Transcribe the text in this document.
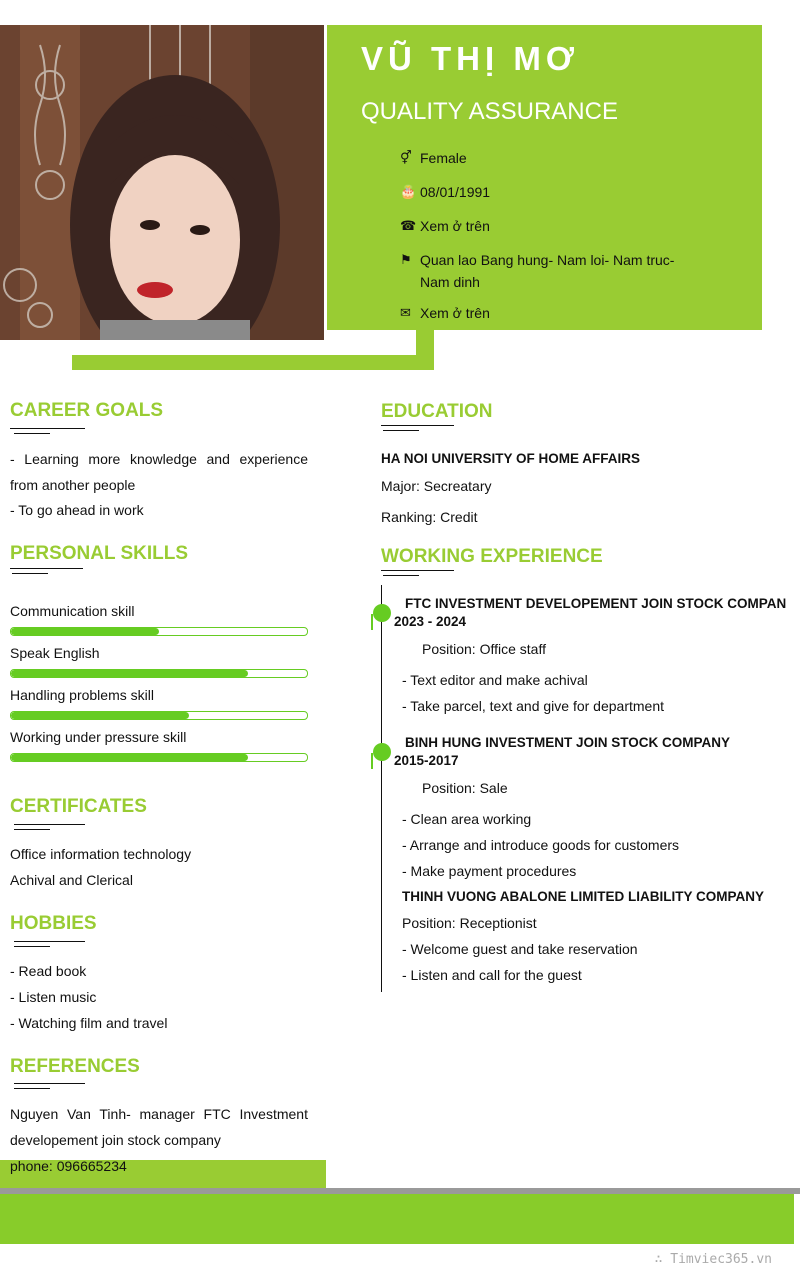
VŨ THỊ MƠ
QUALITY ASSURANCE
⚥ Female
🎂 08/01/1991
☎ Xem ở trên
⚑ Quan lao Bang hung- Nam loi- Nam truc- Nam dinh
✉ Xem ở trên
CAREER GOALS
- Learning more knowledge and experience from another people
- To go ahead in work
PERSONAL SKILLS
Communication skill
Speak English
Handling problems skill
Working under pressure skill
CERTIFICATES
Office information technology
Achival and Clerical
HOBBIES
- Read book
- Listen music
- Watching film and travel
REFERENCES
Nguyen Van Tinh- manager FTC Investment developement join stock company
phone: 096665234
EDUCATION
HA NOI UNIVERSITY OF HOME AFFAIRS
Major: Secreatary
Ranking: Credit
WORKING EXPERIENCE
FTC INVESTMENT DEVELOPEMENT JOIN STOCK COMPAN
2023 - 2024
Position: Office staff
- Text editor and make achival
- Take parcel, text and give for department
BINH HUNG INVESTMENT JOIN STOCK COMPANY
2015-2017
Position: Sale
- Clean area working
- Arrange and introduce goods for customers
- Make payment procedures
THINH VUONG ABALONE LIMITED LIABILITY COMPANY
Position: Receptionist
- Welcome guest and take reservation
- Listen and call for the guest
∴ Timviec365.vn
